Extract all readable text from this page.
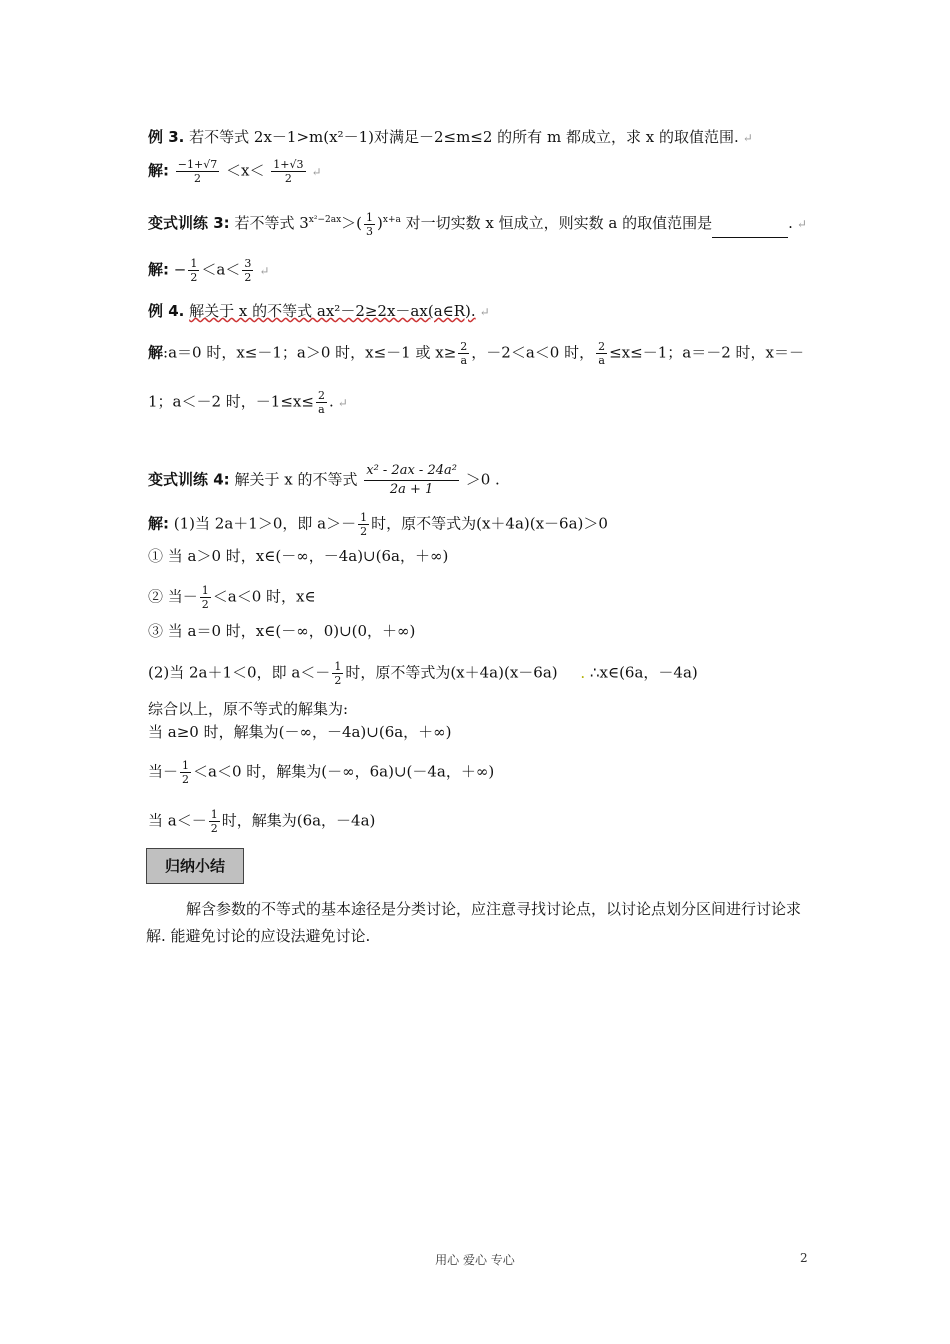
例 3. 若不等式 2x－1>m(x²－1)对满足－2≤m≤2 的所有 m 都成立，求 x 的取值范围. ↵
解: $\frac{-1+√7}{2} <x< \frac{1+√3}{2}$ ↵
变式训练 3: 若不等式 $3^{x^2-2ax}>( \frac{1}{3} )^{x+a}$ 对一切实数 x 恒成立，则实数 a 的取值范围是	. ↵
解: − $\frac{1}{2} <a< \frac{3}{2}$ ↵
例 4. 解关于 x 的不等式 ax²－2≥2x－ax(a∈R). ↵
解:a＝0 时，x≤－1；a＞0 时，x≤－1 或 $x\ge \frac{2}{a}$ ，－2＜a＜0 时， $\frac{2}{a} \le x\le-1$；a＝－2 时，x＝－
1；a＜－2 时，$-1\le x\le \frac{2}{a}$ . ↵
变式训练 4: 解关于 x 的不等式 $\frac{\text{x² - 2ax - 24a²}}{2a + 1} >0$ .
解: (1)当 2a＋1＞0，即 $a>- \frac{1}{2}$ 时，原不等式为(x＋4a)(x－6a)＞0
① 当 a＞0 时，x∈(－∞，－4a)∪(6a，＋∞)
② 当－ $\frac{1}{2} <a<0$ 时，x∈
③ 当 a＝0 时，x∈(－∞，0)∪(0，＋∞)
(2)当 2a＋1＜0，即 $a<- \frac{1}{2}$ 时，原不等式为(x＋4a)(x－6a) . ∴x∈(6a，－4a)
综合以上，原不等式的解集为:
当 a≥0 时，解集为(－∞，－4a)∪(6a，＋∞)
当－ $\frac{1}{2} <a<0$ 时，解集为(－∞，6a)∪(－4a，＋∞)
当 $a<- \frac{1}{2}$ 时，解集为(6a，－4a)
归纳小结
解含参数的不等式的基本途径是分类讨论，应注意寻找讨论点，以讨论点划分区间进行讨论求解. 能避免讨论的应设法避免讨论.
用心 爱心 专心	2
